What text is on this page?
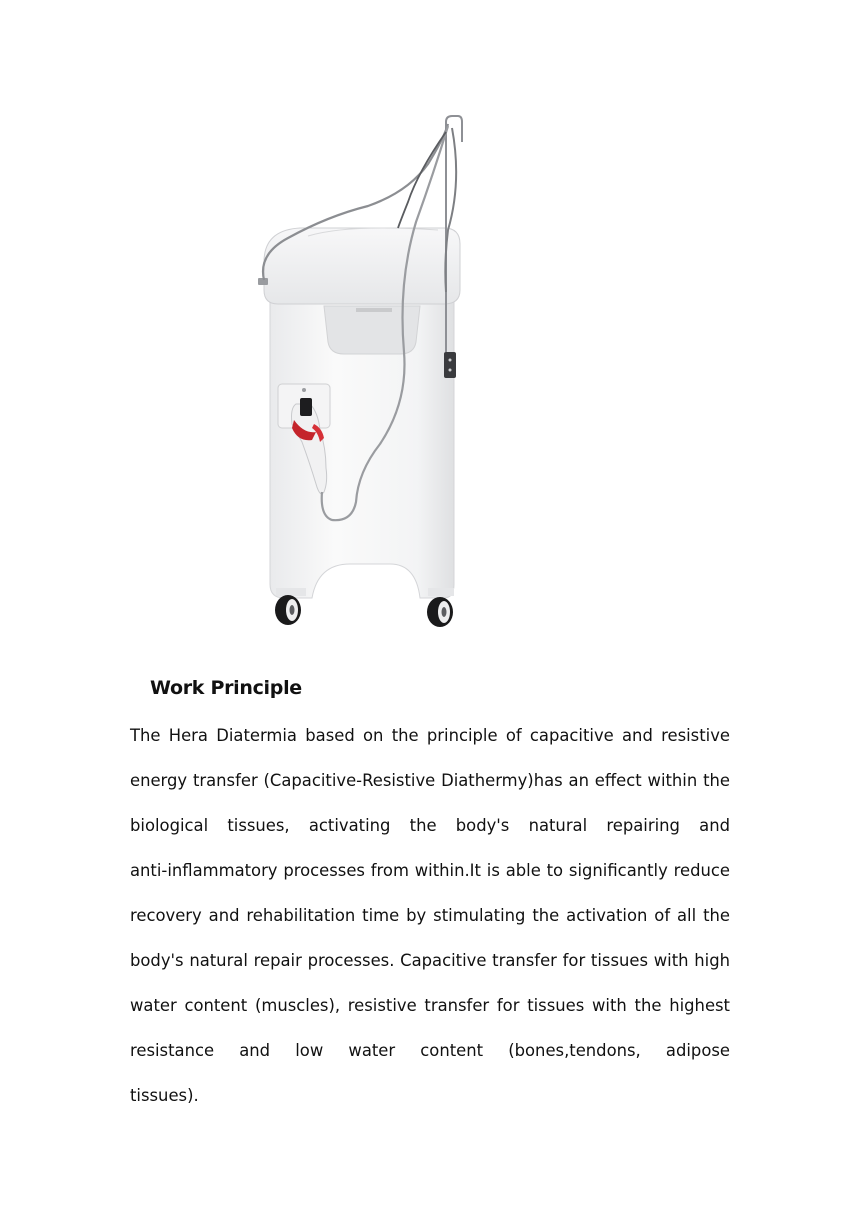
Work Principle
The Hera Diatermia based on the principle of capacitive and resistive
energy transfer (Capacitive-Resistive Diathermy)has an effect within the
biological tissues, activating the body's natural repairing and
anti-inflammatory processes from within.It is able to significantly reduce
recovery and rehabilitation time by stimulating the activation of all the
body's natural repair processes. Capacitive transfer for tissues with high
water content (muscles), resistive transfer for tissues with the highest
resistance and low water content (bones,tendons, adipose
tissues).
